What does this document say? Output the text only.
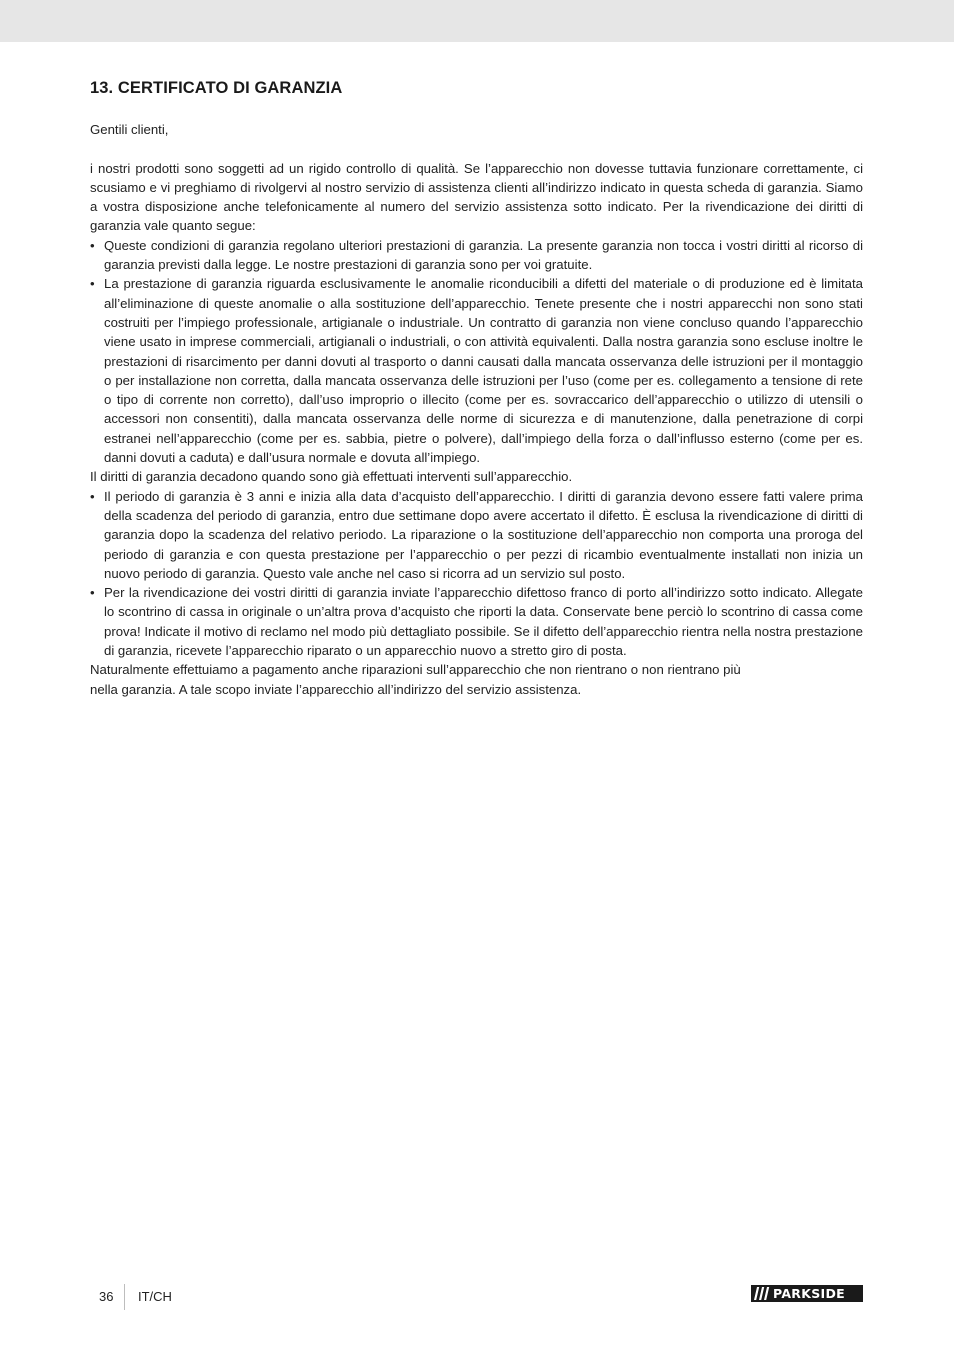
13. CERTIFICATO DI GARANZIA

Gentili clienti,

i nostri prodotti sono soggetti ad un rigido controllo di qualità. Se l’apparecchio non dovesse tuttavia funzionare correttamente, ci scusiamo e vi preghiamo di rivolgervi al nostro servizio di assistenza clienti all’indirizzo indicato in questa scheda di garanzia. Siamo a vostra disposizione anche telefonicamente al numero del servizio assistenza sotto indicato. Per la rivendicazione dei diritti di garanzia vale quanto segue:

• Queste condizioni di garanzia regolano ulteriori prestazioni di garanzia. La presente garanzia non tocca i vostri diritti al ricorso di garanzia previsti dalla legge. Le nostre prestazioni di garanzia sono per voi gratuite.
• La prestazione di garanzia riguarda esclusivamente le anomalie riconducibili a difetti del materiale o di produzione ed è limitata all’eliminazione di queste anomalie o alla sostituzione dell’apparecchio. Tenete presente che i nostri apparecchi non sono stati costruiti per l’impiego professionale, artigianale o industriale. Un contratto di garanzia non viene concluso quando l’apparecchio viene usato in imprese commerciali, artigianali o industriali, o con attività equivalenti. Dalla nostra garanzia sono escluse inoltre le prestazioni di risarcimento per danni dovuti al trasporto o danni causati dalla mancata osservanza delle istruzioni per il montaggio o per installazione non corretta, dalla mancata osservanza delle istruzioni per l’uso (come per es. collegamento a tensione di rete o tipo di corrente non corretto), dall’uso improprio o illecito (come per es. sovraccarico dell’apparecchio o utilizzo di utensili o accessori non consentiti), dalla mancata osservanza delle norme di sicurezza e di manutenzione, dalla penetrazione di corpi estranei nell’apparecchio (come per es. sabbia, pietre o polvere), dall’impiego della forza o dall’influsso esterno (come per es. danni dovuti a caduta) e dall’usura normale e dovuta all’impiego.

Il diritti di garanzia decadono quando sono già effettuati interventi sull’apparecchio.

• Il periodo di garanzia è 3 anni e inizia alla data d’acquisto dell’apparecchio. I diritti di garanzia devono essere fatti valere prima della scadenza del periodo di garanzia, entro due settimane dopo avere accertato il difetto. È esclusa la rivendicazione di diritti di garanzia dopo la scadenza del relativo periodo. La riparazione o la sostituzione dell’apparecchio non comporta una proroga del periodo di garanzia e con questa prestazione per l’apparecchio o per pezzi di ricambio eventualmente installati non inizia un nuovo periodo di garanzia. Questo vale anche nel caso si ricorra ad un servizio sul posto.
• Per la rivendicazione dei vostri diritti di garanzia inviate l’apparecchio difettoso franco di porto all’indirizzo sotto indicato. Allegate lo scontrino di cassa in originale o un’altra prova d’acquisto che riporti la data. Conservate bene perciò lo scontrino di cassa come prova! Indicate il motivo di reclamo nel modo più dettagliato possibile. Se il difetto dell’apparecchio rientra nella nostra prestazione di garanzia, ricevete l’apparecchio riparato o un apparecchio nuovo a stretto giro di posta.

Naturalmente effettuiamo a pagamento anche riparazioni sull’apparecchio che non rientrano o non rientrano più

nella garanzia. A tale scopo inviate l’apparecchio all’indirizzo del servizio assistenza.

36 IT/CH	PARKSIDE
